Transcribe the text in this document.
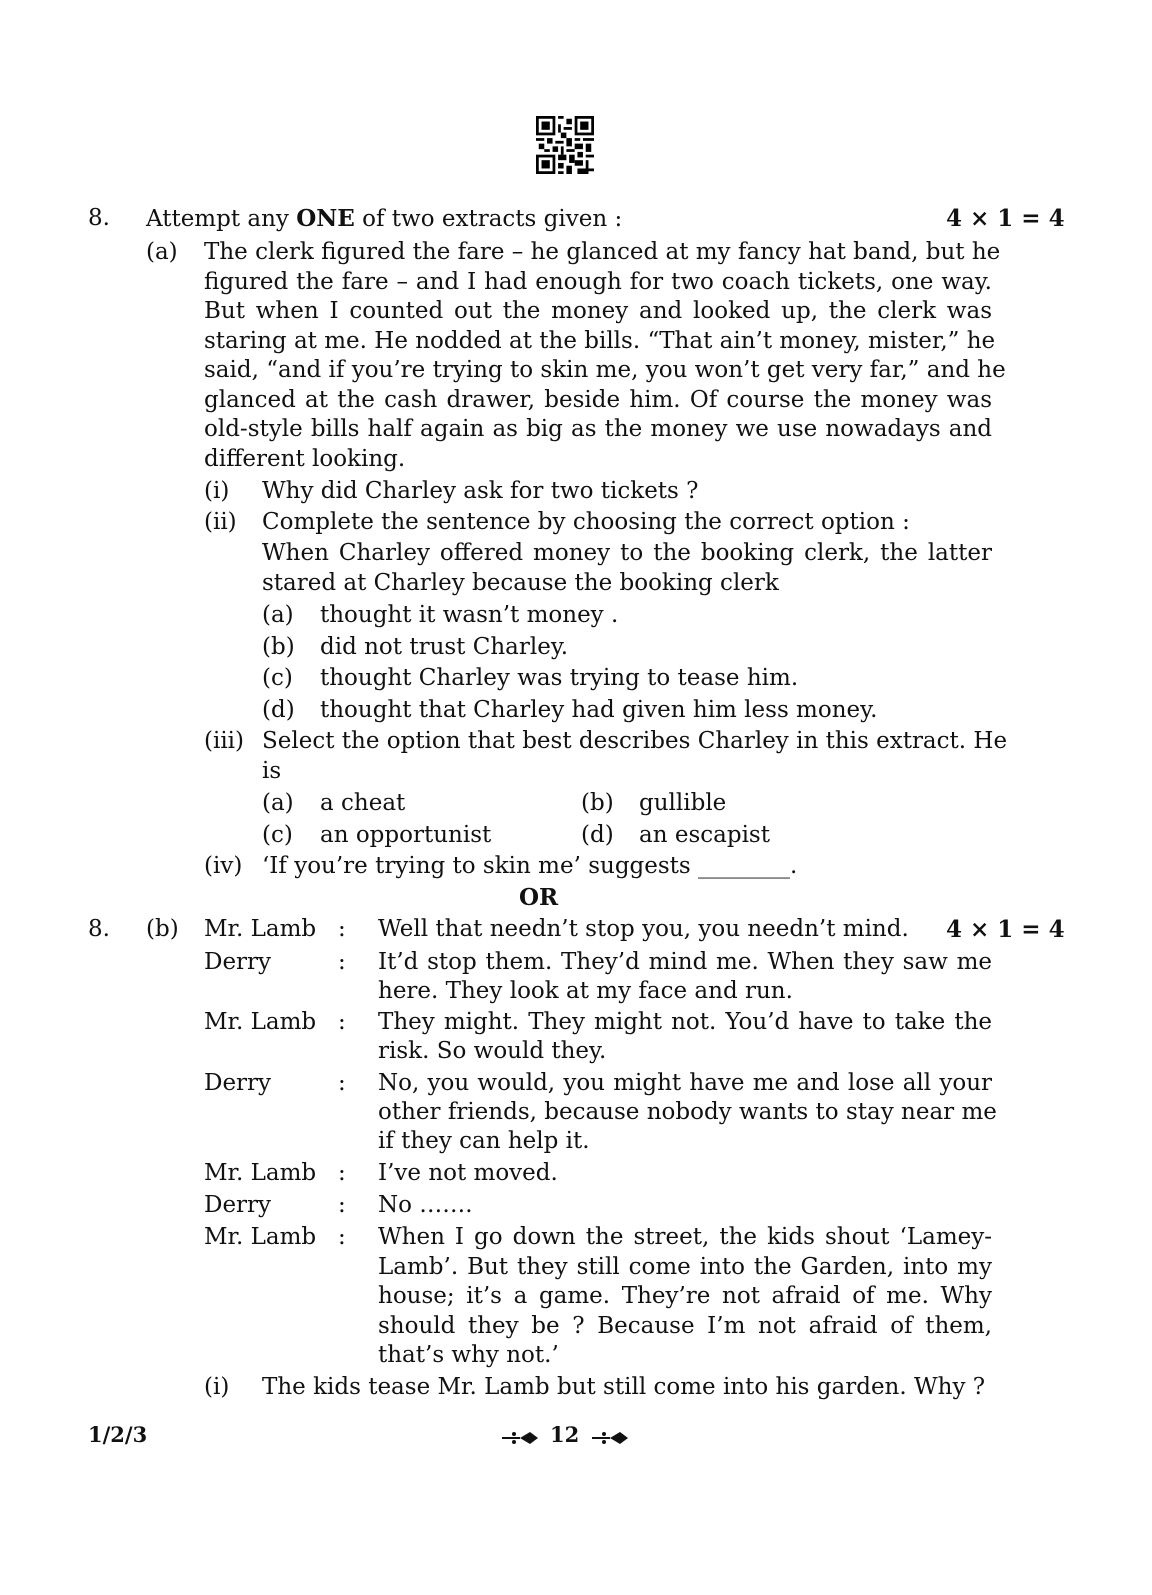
8. Attempt any ONE of two extracts given :	4 × 1 = 4
(a) The clerk figured the fare – he glanced at my fancy hat band, but he
figured the fare – and I had enough for two coach tickets, one way.
But when I counted out the money and looked up, the clerk was
staring at me. He nodded at the bills. “That ain’t money, mister,” he
said, “and if you’re trying to skin me, you won’t get very far,” and he
glanced at the cash drawer, beside him. Of course the money was
old-style bills half again as big as the money we use nowadays and
different looking.
(i) Why did Charley ask for two tickets ?
(ii) Complete the sentence by choosing the correct option :
When Charley offered money to the booking clerk, the latter
stared at Charley because the booking clerk
(a) thought it wasn’t money .
(b) did not trust Charley.
(c) thought Charley was trying to tease him.
(d) thought that Charley had given him less money.
(iii) Select the option that best describes Charley in this extract. He
is
(a) a cheat	(b) gullible
(c) an opportunist	(d) an escapist
(iv) ‘If you’re trying to skin me’ suggests ________.
OR
8. (b)	4 × 1 = 4
Mr. Lamb : Well that needn’t stop you, you needn’t mind.
Derry	: It’d stop them. They’d mind me. When they saw me
here. They look at my face and run.
Mr. Lamb : They might. They might not. You’d have to take the
risk. So would they.
Derry	: No, you would, you might have me and lose all your
other friends, because nobody wants to stay near me
if they can help it.
Mr. Lamb : I’ve not moved.
Derry	: No …….
Mr. Lamb : When I go down the street, the kids shout ‘Lamey-
Lamb’. But they still come into the Garden, into my
house; it’s a game. They’re not afraid of me. Why
should they be ? Because I’m not afraid of them,
that’s why not.’
(i) The kids tease Mr. Lamb but still come into his garden. Why ?
1/2/3	12
